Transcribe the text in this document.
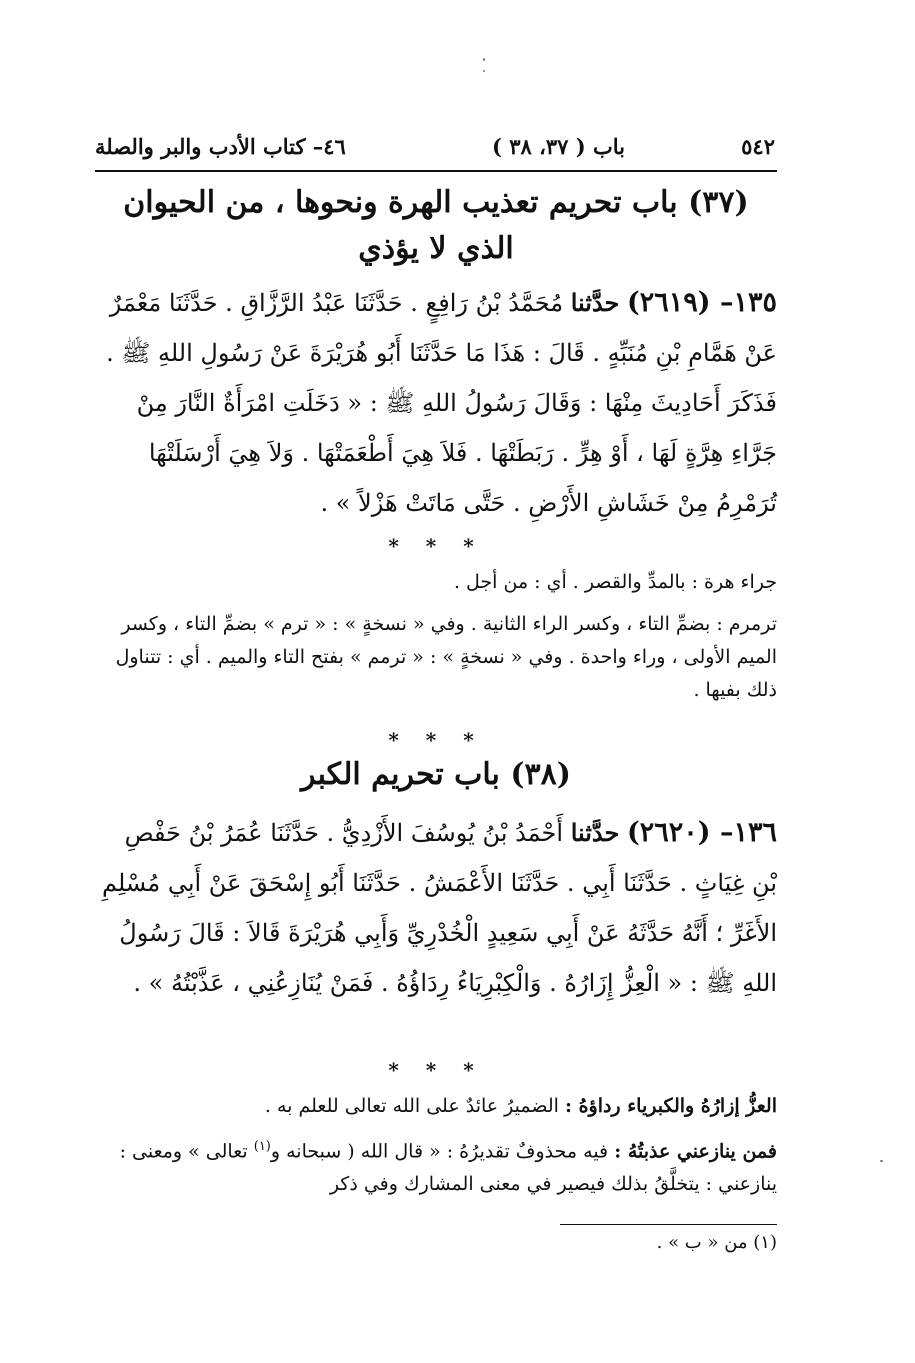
٥٤٢
باب ( ٣٧، ٣٨ )
٤٦– كتاب الأدب والبر والصلة
(٣٧) باب تحريم تعذيب الهرة ونحوها ، من الحيوان
الذي لا يؤذي
١٣٥– (٢٦١٩) حدَّثنا مُحَمَّدُ بْنُ رَافِعٍ . حَدَّثَنَا عَبْدُ الرَّزَّاقِ . حَدَّثَنَا مَعْمَرٌ عَنْ هَمَّامِ بْنِ مُنَبِّهٍ . قَالَ : هَذَا مَا حَدَّثَنَا أَبُو هُرَيْرَةَ عَنْ رَسُولِ اللهِ ﷺ . فَذَكَرَ أَحَادِيثَ مِنْهَا : وَقَالَ رَسُولُ اللهِ ﷺ : « دَخَلَتِ امْرَأَةٌ النَّارَ مِنْ جَرَّاءِ هِرَّةٍ لَهَا ، أَوْ هِرٍّ . رَبَطَتْهَا . فَلاَ هِيَ أَطْعَمَتْهَا . وَلاَ هِيَ أَرْسَلَتْهَا تُرَمْرِمُ مِنْ خَشَاشِ الأَرْضِ . حَتَّى مَاتَتْ هَزْلاً » .
* * *
جراء هرة : بالمدِّ والقصر . أي : من أجل .
ترمرم : بضمِّ التاء ، وكسر الراء الثانية . وفي « نسخةٍ » : « ترم » بضمِّ التاء ، وكسر الميم الأولى ، وراء واحدة . وفي « نسخةٍ » : « ترمم » بفتح التاء والميم . أي : تتناول ذلك بفيها .
* * *
(٣٨) باب تحريم الكبر
١٣٦– (٢٦٢٠) حدَّثنا أَحْمَدُ بْنُ يُوسُفَ الأَزْدِيُّ . حَدَّثَنَا عُمَرُ بْنُ حَفْصِ بْنِ غِيَاثٍ . حَدَّثَنَا أَبِي . حَدَّثَنَا الأَعْمَشُ . حَدَّثَنَا أَبُو إِسْحَقَ عَنْ أَبِي مُسْلِمِ الأَغَرِّ ؛ أَنَّهُ حَدَّثَهُ عَنْ أَبِي سَعِيدٍ الْخُدْرِيِّ وَأَبِي هُرَيْرَةَ قَالاَ : قَالَ رَسُولُ اللهِ ﷺ : « الْعِزُّ إِزَارُهُ . وَالْكِبْرِيَاءُ رِدَاؤُهُ . فَمَنْ يُنَازِعُنِي ، عَذَّبْتُهُ » .
* * *
العزُّ إزارُهُ والكبرياء رداؤهُ : الضميرُ عائدٌ على الله تعالى للعلم به .
فمن ينازعني عذبتُهُ : فيه محذوفٌ تقديرُهُ : « قال الله ( سبحانه و$^{(١)}$ تعالى » ومعنى : ينازعني : يتخلَّقُ بذلك فيصير في معنى المشارك وفي ذكر
(١) من « ب » .
